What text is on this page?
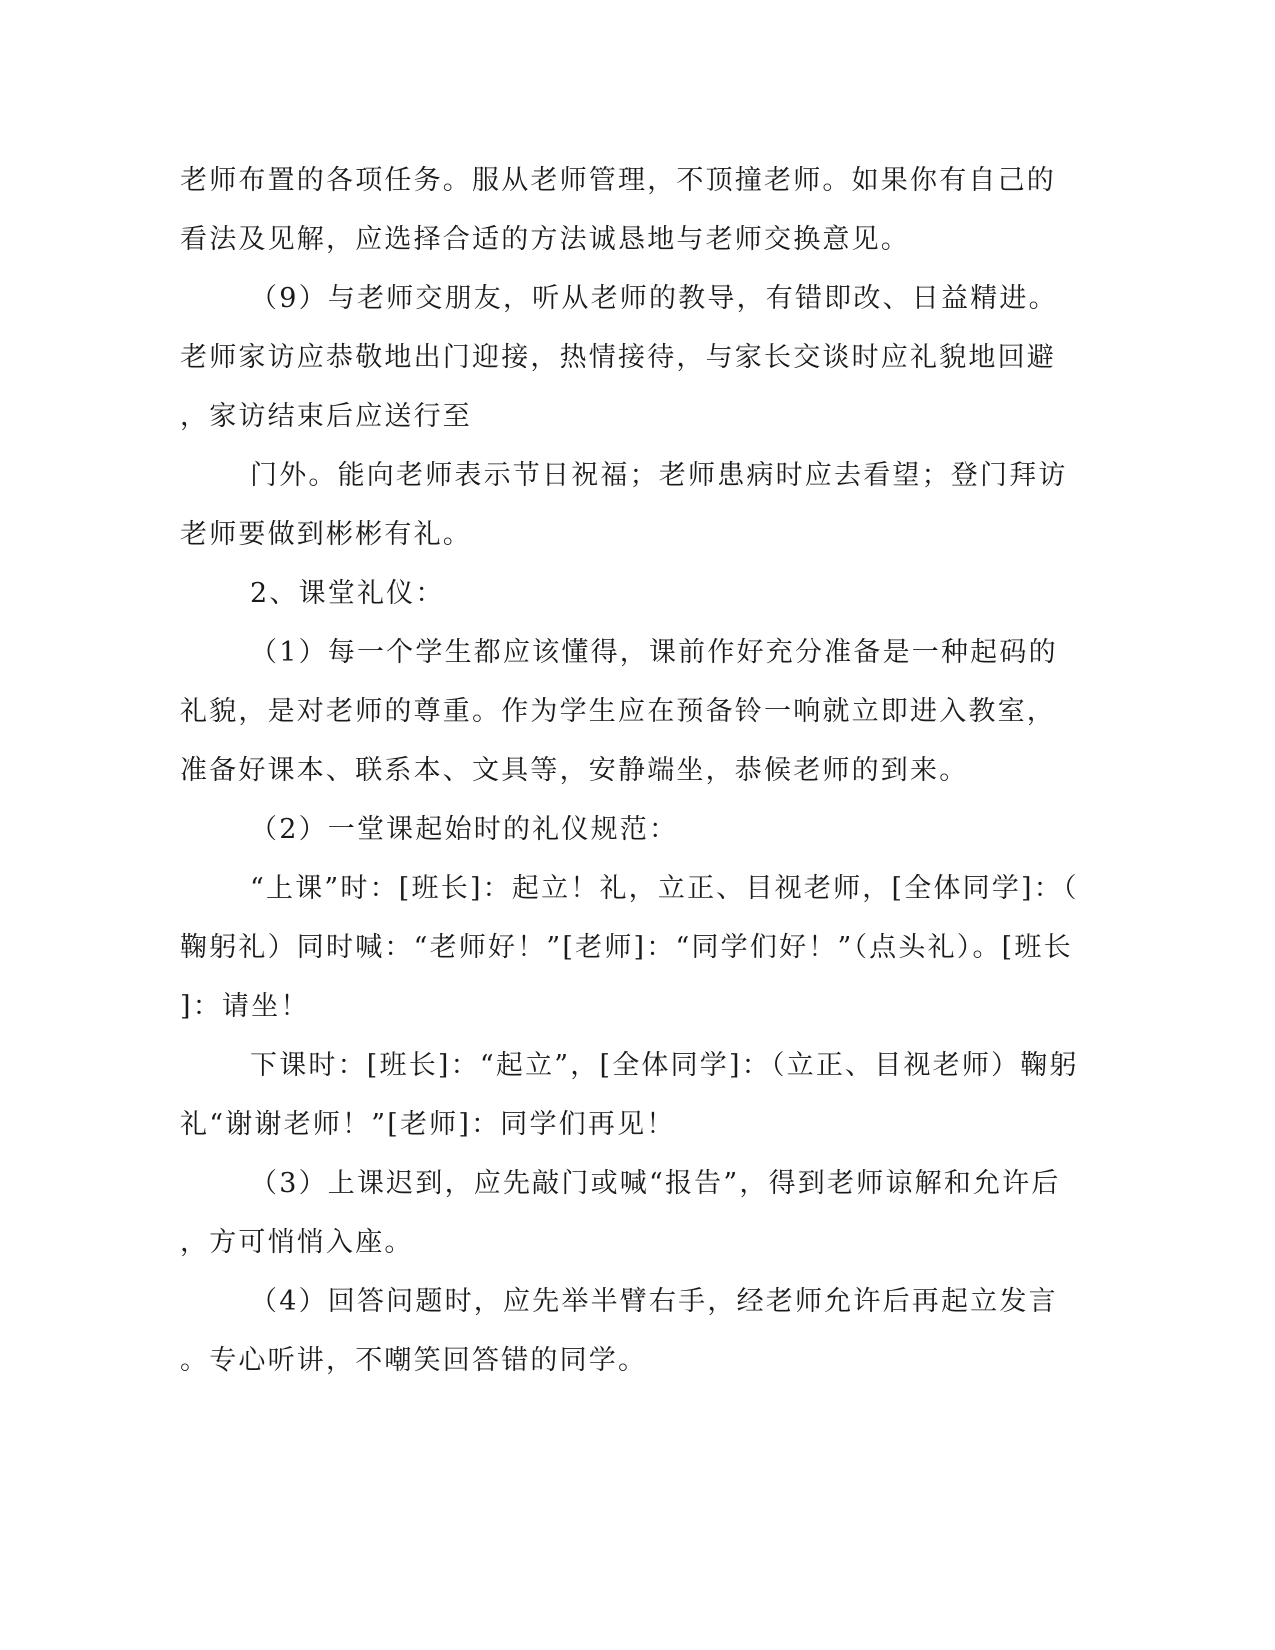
老师布置的各项任务。服从老师管理，不顶撞老师。如果你有自己的
看法及见解，应选择合适的方法诚恳地与老师交换意见。
（9）与老师交朋友，听从老师的教导，有错即改、日益精进。
老师家访应恭敬地出门迎接，热情接待，与家长交谈时应礼貌地回避
，家访结束后应送行至
门外。能向老师表示节日祝福；老师患病时应去看望；登门拜访
老师要做到彬彬有礼。
2、课堂礼仪：
（1）每一个学生都应该懂得，课前作好充分准备是一种起码的
礼貌，是对老师的尊重。作为学生应在预备铃一响就立即进入教室，
准备好课本、联系本、文具等，安静端坐，恭候老师的到来。
（2）一堂课起始时的礼仪规范：
“上课”时：[班长]：起立！礼，立正、目视老师，[全体同学]：（
鞠躬礼）同时喊：“老师好！”[老师]：“同学们好！”（点头礼）。[班长
]：请坐！
下课时：[班长]：“起立”，[全体同学]：（立正、目视老师）鞠躬
礼“谢谢老师！”[老师]：同学们再见！
（3）上课迟到，应先敲门或喊“报告”，得到老师谅解和允许后
，方可悄悄入座。
（4）回答问题时，应先举半臂右手，经老师允许后再起立发言
。专心听讲，不嘲笑回答错的同学。
